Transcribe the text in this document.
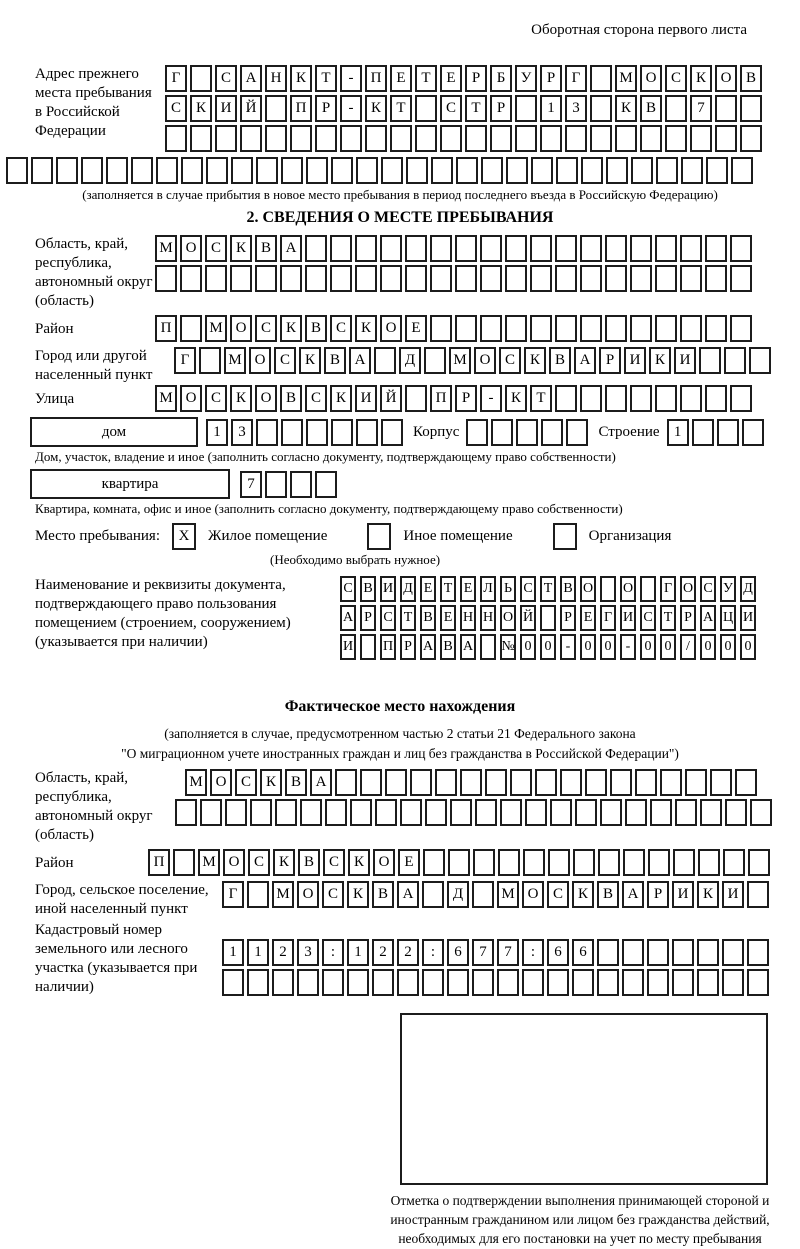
Оборотная сторона первого листа
Адрес прежнего места пребывания в Российской Федерации
Г	С А Н К	Т	-	П Е	Т	Е	Р	Б	У	Р	Г	М О С К О В
С К И Й	П	Р	-	К	Т	С	Т	Р	1	3	К В	7
(заполняется в случае прибытия в новое место пребывания в период последнего въезда в Российскую Федерацию)
2. СВЕДЕНИЯ О МЕСТЕ ПРЕБЫВАНИЯ
Область, край, республика, автономный округ (область)
М О С К В А
Район	П	М О С К В С К О Е
Город или другой населенный пункт
Г	М О С К В А	Д	М О С К В А	Р	И К И
Улица	М О С К О В С К И Й	П	Р	-	К	Т
дом	1	3	Корпус	Строение 1
Дом, участок, владение и иное (заполнить согласно документу, подтверждающему право собственности)
квартира	7
Квартира, комната, офис и иное (заполнить согласно документу, подтверждающему право собственности)
Место пребывания:	X	Жилое помещение	Иное помещение	Организация
(Необходимо выбрать нужное)
Наименование и реквизиты документа, подтверждающего право пользования помещением (строением, сооружением) (указывается при наличии)
С В И Д Е Т Е Л Ь С Т В О О Г О С У Д
А Р С Т В Е Н Н О Й Р Е Г И С Т Р А Ц И
И П Р А В А № 0 0	-	0 0	-	0 0	/	0 0 0
Фактическое место нахождения
(заполняется в случае, предусмотренном частью 2 статьи 21 Федерального закона
"О миграционном учете иностранных граждан и лиц без гражданства в Российской Федерации")
Область, край, республика, автономный округ (область)
М О С К В А
Район	П	М О С К В С К О Е
Город, сельское поселение, иной населенный пункт
Г	М О С К В А	Д	М О С К В А	Р	И К И
Кадастровый номер земельного или лесного участка (указывается при наличии)
1	1	2	3	:	1	2	2	:	6	7	7	:	6	6
Отметка о подтверждении выполнения принимающей стороной и иностранным гражданином или лицом без гражданства действий, необходимых для его постановки на учет по месту пребывания
